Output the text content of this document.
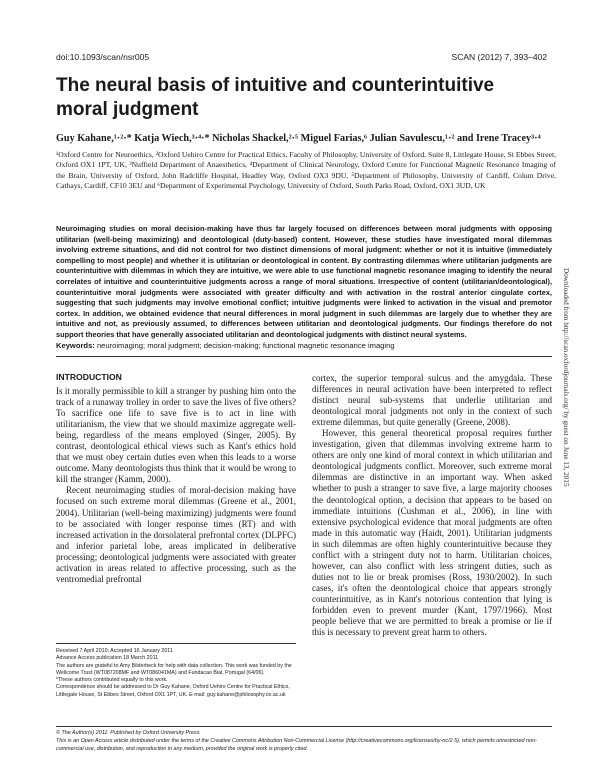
doi:10.1093/scan/nsr005	SCAN (2012) 7, 393–402
The neural basis of intuitive and counterintuitive moral judgment
Guy Kahane,¹·²·* Katja Wiech,³·⁴·* Nicholas Shackel,²·⁵ Miguel Farias,⁶ Julian Savulescu,¹·² and Irene Tracey³·⁴
¹Oxford Centre for Neuroethics, ²Oxford Uehiro Centre for Practical Ethics, Faculty of Philosophy, University of Oxford, Suite 8, Littlegate House, St Ebbes Street, Oxford OX1 1PT, UK, ³Nuffield Department of Anaesthetics, ⁴Department of Clinical Neurology, Oxford Centre for Functional Magnetic Resonance Imaging of the Brain, University of Oxford, John Radcliffe Hospital, Headley Way, Oxford OX3 9DU, ⁵Department of Philosophy, University of Cardiff, Colum Drive, Cathays, Cardiff, CF10 3EU and ⁶Department of Experimental Psychology, University of Oxford, South Parks Road, Oxford, OX1 3UD, UK
Neuroimaging studies on moral decision-making have thus far largely focused on differences between moral judgments with opposing utilitarian (well-being maximizing) and deontological (duty-based) content. However, these studies have investigated moral dilemmas involving extreme situations, and did not control for two distinct dimensions of moral judgment: whether or not it is intuitive (immediately compelling to most people) and whether it is utilitarian or deontological in content. By contrasting dilemmas where utilitarian judgments are counterintuitive with dilemmas in which they are intuitive, we were able to use functional magnetic resonance imaging to identify the neural correlates of intuitive and counterintuitive judgments across a range of moral situations. Irrespective of content (utilitarian/deontological), counterintuitive moral judgments were associated with greater difficulty and with activation in the rostral anterior cingulate cortex, suggesting that such judgments may involve emotional conflict; intuitive judgments were linked to activation in the visual and premotor cortex. In addition, we obtained evidence that neural differences in moral judgment in such dilemmas are largely due to whether they are intuitive and not, as previously assumed, to differences between utilitarian and deontological judgments. Our findings therefore do not support theories that have generally associated utilitarian and deontological judgments with distinct neural systems.
Keywords: neuroimaging; moral judgment; decision-making; functional magnetic resonance imaging
INTRODUCTION

Is it morally permissible to kill a stranger by pushing him onto the track of a runaway trolley in order to save the lives of five others? To sacrifice one life to save five is to act in line with utilitarianism, the view that we should maximize aggregate well-being, regardless of the means employed (Singer, 2005). By contrast, deontological ethical views such as Kant's ethics hold that we must obey certain duties even when this leads to a worse outcome. Many deontologists thus think that it would be wrong to kill the stranger (Kamm, 2000).

Recent neuroimaging studies of moral-decision making have focused on such extreme moral dilemmas (Greene et al., 2001, 2004). Utilitarian (well-being maximizing) judgments were found to be associated with longer response times (RT) and with increased activation in the dorsolateral prefrontal cortex (DLPFC) and inferior parietal lobe, areas implicated in deliberative processing; deontological judgments were associated with greater activation in areas related to affective processing, such as the ventromedial prefrontal

cortex, the superior temporal sulcus and the amygdala. These differences in neural activation have been interpreted to reflect distinct neural sub-systems that underlie utilitarian and deontological moral judgments not only in the context of such extreme dilemmas, but quite generally (Greene, 2008).

However, this general theoretical proposal requires further investigation, given that dilemmas involving extreme harm to others are only one kind of moral context in which utilitarian and deontological judgments conflict. Moreover, such extreme moral dilemmas are distinctive in an important way. When asked whether to push a stranger to save five, a large majority chooses the deontological option, a decision that appears to be based on immediate intuitions (Cushman et al., 2006), in line with extensive psychological evidence that moral judgments are often made in this automatic way (Haidt, 2001). Utilitarian judgments in such dilemmas are often highly counterintuitive because they conflict with a stringent duty not to harm. Utilitarian choices, however, can also conflict with less stringent duties, such as duties not to lie or break promises (Ross, 1930/2002). In such cases, it's often the deontological choice that appears strongly counterintuitive, as in Kant's notorious contention that lying is forbidden even to prevent murder (Kant, 1797/1966). Most people believe that we are permitted to break a promise or lie if this is necessary to prevent great harm to others.

Received 7 April 2010; Accepted 16 January 2011

Advance Access publication 18 March 2011

The authors are grateful to Amy Bilderbeck for help with data collection. This work was funded by the Wellcome Trust (WT087208MF and WT086041MA) and Fundacao Bial, Portugal (64/06).

*These authors contributed equally to this work.

Correspondence should be addressed to Dr Guy Kahane, Oxford Uehiro Centre for Practical Ethics, Littlegate House, St Ebbes Street, Oxford OX1 1PT, UK. E-mail: guy.kahane@philosophy.ox.ac.uk

© The Author(s) 2011. Published by Oxford University Press.
This is an Open Access article distributed under the terms of the Creative Commons Attribution Non-Commercial License (http://creativecommons.org/licenses/by-nc/2.5), which permits unrestricted non-commercial use, distribution, and reproduction in any medium, provided the original work is properly cited.
Downloaded from http://scan.oxfordjournals.org/ by guest on June 13, 2015
